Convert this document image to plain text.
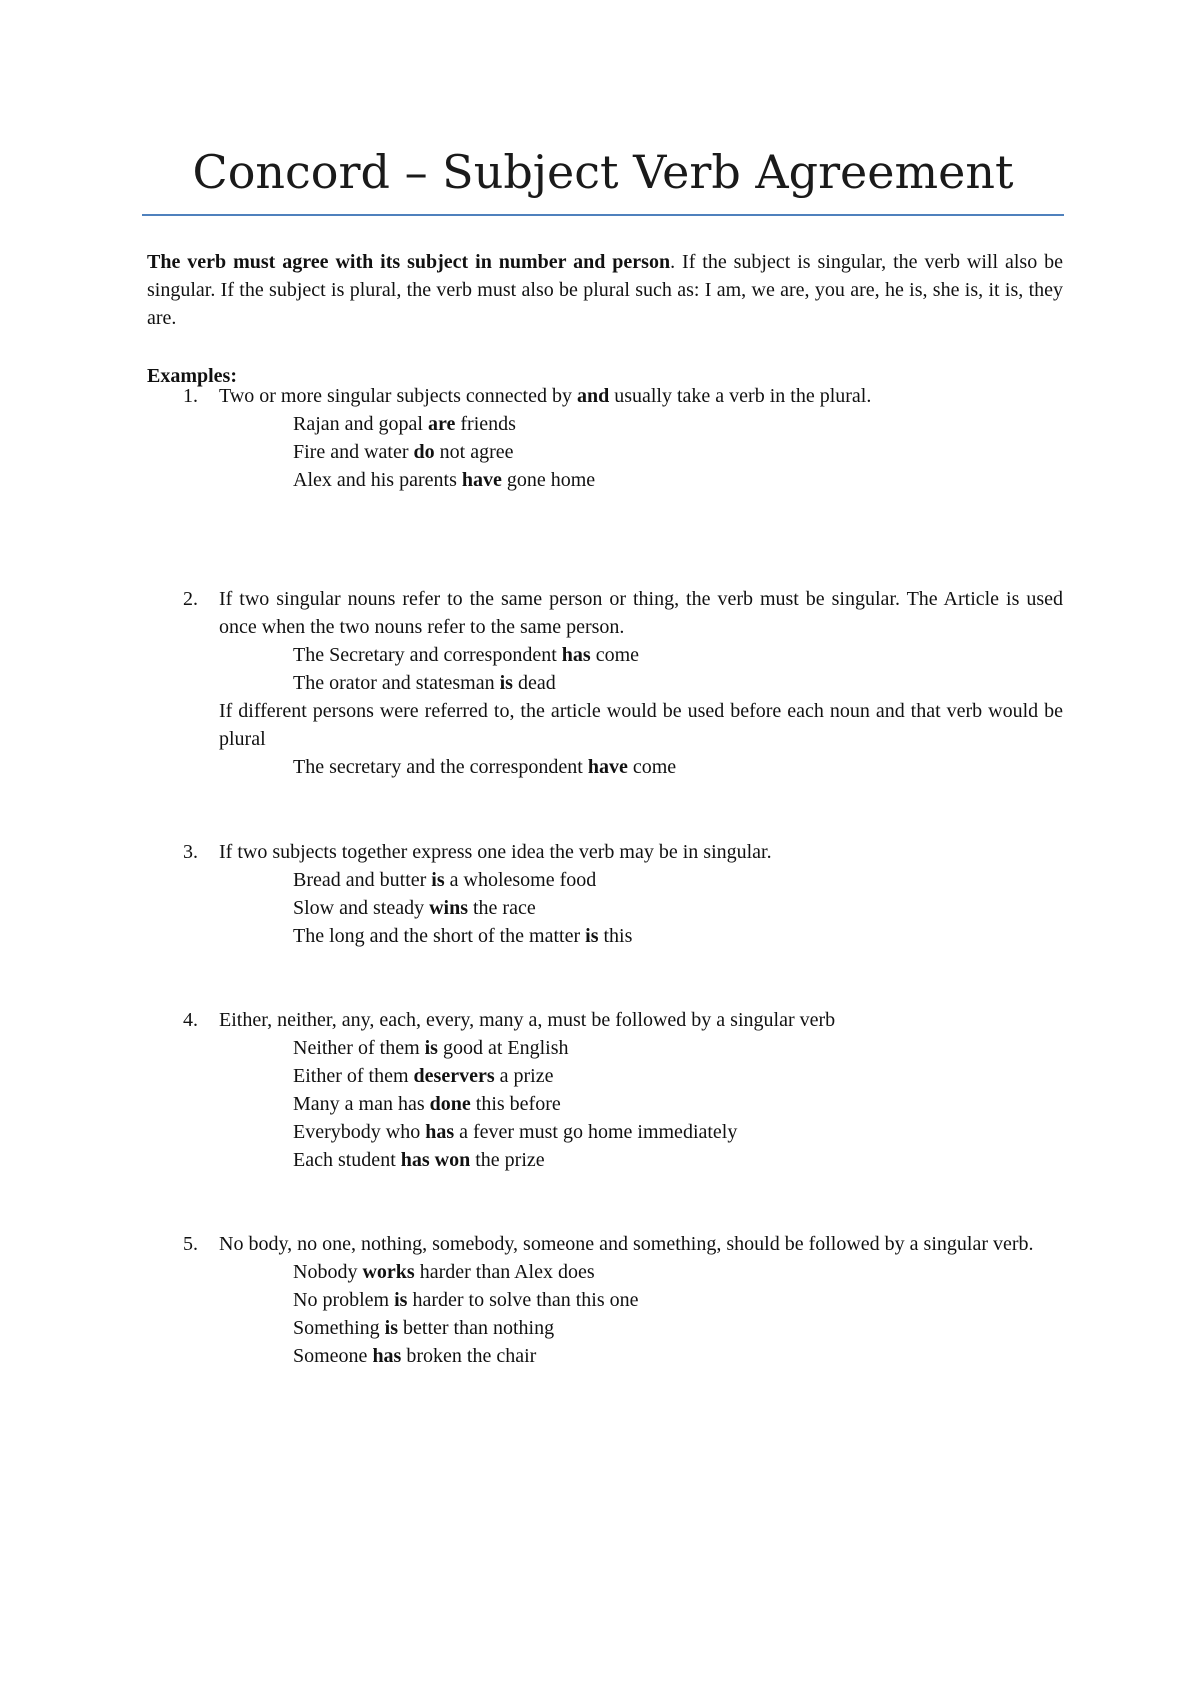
Concord – Subject Verb Agreement

The verb must agree with its subject in number and person. If the subject is singular, the verb will also be singular. If the subject is plural, the verb must also be plural such as: I am, we are, you are, he is, she is, it is, they are.

Examples:

1. Two or more singular subjects connected by and usually take a verb in the plural.
Rajan and gopal are friends
Fire and water do not agree
Alex and his parents have gone home
2. If two singular nouns refer to the same person or thing, the verb must be singular. The Article is used once when the two nouns refer to the same person.
The Secretary and correspondent has come
The orator and statesman is dead
If different persons were referred to, the article would be used before each noun and that verb would be plural
The secretary and the correspondent have come
3. If two subjects together express one idea the verb may be in singular.
Bread and butter is a wholesome food
Slow and steady wins the race
The long and the short of the matter is this
4. Either, neither, any, each, every, many a, must be followed by a singular verb
Neither of them is good at English
Either of them deservers a prize
Many a man has done this before
Everybody who has a fever must go home immediately
Each student has won the prize
5. No body, no one, nothing, somebody, someone and something, should be followed by a singular verb.
Nobody works harder than Alex does
No problem is harder to solve than this one
Something is better than nothing
Someone has broken the chair
